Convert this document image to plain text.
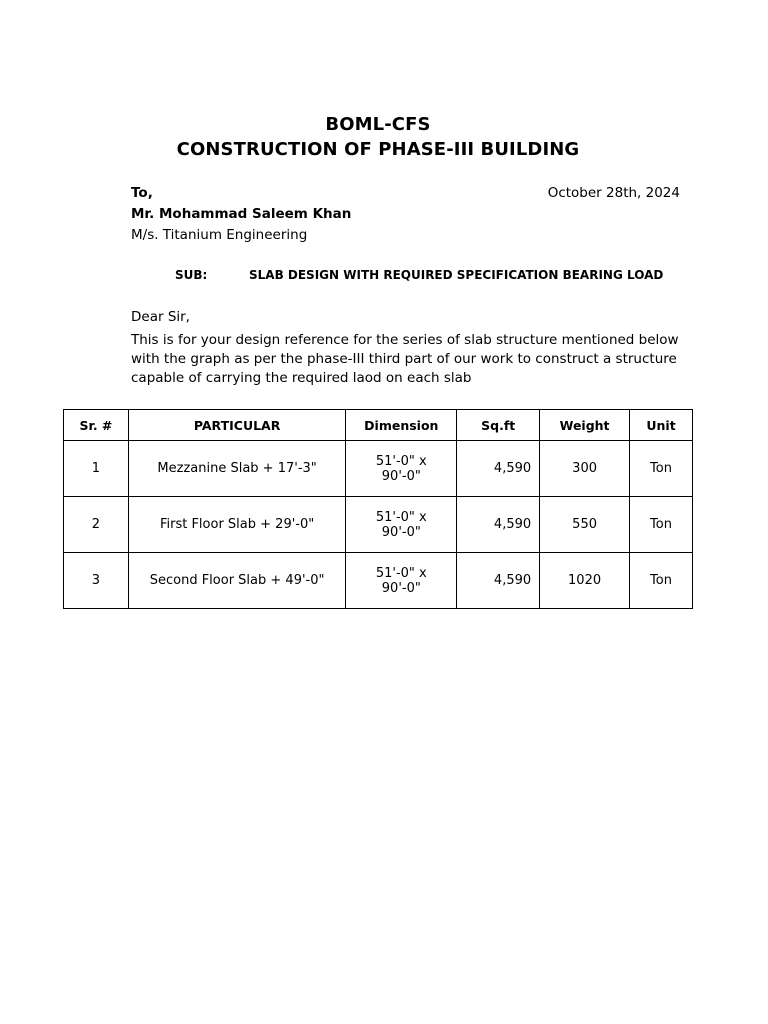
BOML-CFS
CONSTRUCTION OF PHASE-III BUILDING
To,	October 28th, 2024
Mr. Mohammad Saleem Khan
M/s. Titanium Engineering
SUB:	SLAB DESIGN WITH REQUIRED SPECIFICATION BEARING LOAD
Dear Sir,
This is for your design reference for the series of slab structure mentioned below
with the graph as per the phase-III third part of our work to construct a structure
capable of carrying the required laod on each slab
Sr. #	PARTICULAR	Dimension	Sq.ft	Weight	Unit
1	Mezzanine Slab + 17'-3"	51'-0" x 90'-0"	4,590	300	Ton
2	First Floor Slab + 29'-0"	51'-0" x 90'-0"	4,590	550	Ton
3	Second Floor Slab + 49'-0"	51'-0" x 90'-0"	4,590	1020	Ton
